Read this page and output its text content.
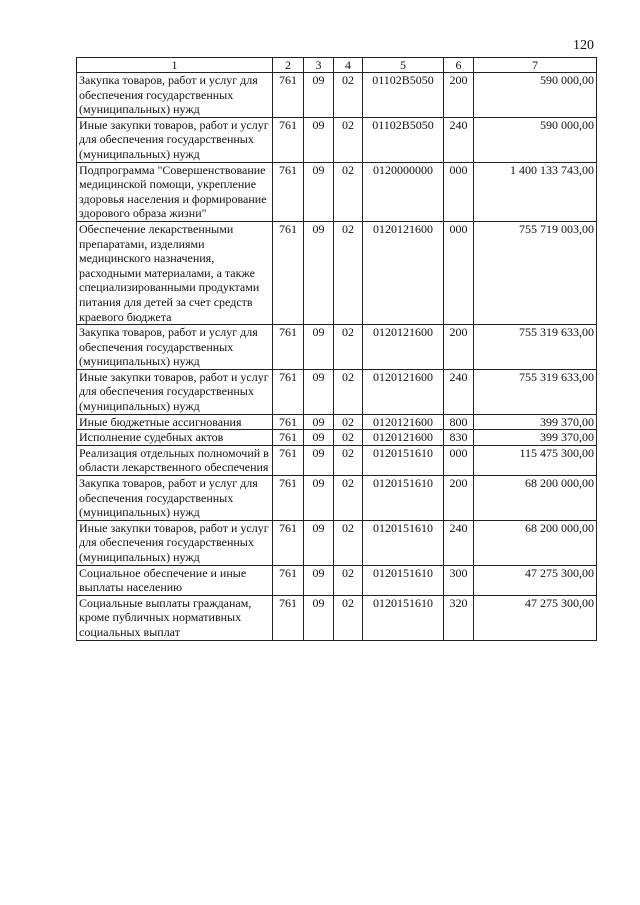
120
1	2	3	4	5	6	7
Закупка товаров, работ и услуг для обеспечения государственных (муниципальных) нужд	761	09	02	01102В5050	200	590 000,00
Иные закупки товаров, работ и услуг для обеспечения государственных (муниципальных) нужд	761	09	02	01102В5050	240	590 000,00
Подпрограмма "Совершенствование медицинской помощи, укрепление здоровья населения и формирование здорового образа жизни"	761	09	02	0120000000	000	1 400 133 743,00
Обеспечение лекарственными препаратами, изделиями медицинского назначения, расходными материалами, а также специализированными продуктами питания для детей за счет средств краевого бюджета	761	09	02	0120121600	000	755 719 003,00
Закупка товаров, работ и услуг для обеспечения государственных (муниципальных) нужд	761	09	02	0120121600	200	755 319 633,00
Иные закупки товаров, работ и услуг для обеспечения государственных (муниципальных) нужд	761	09	02	0120121600	240	755 319 633,00
Иные бюджетные ассигнования	761	09	02	0120121600	800	399 370,00
Исполнение судебных актов	761	09	02	0120121600	830	399 370,00
Реализация отдельных полномочий в области лекарственного обеспечения	761	09	02	0120151610	000	115 475 300,00
Закупка товаров, работ и услуг для обеспечения государственных (муниципальных) нужд	761	09	02	0120151610	200	68 200 000,00
Иные закупки товаров, работ и услуг для обеспечения государственных (муниципальных) нужд	761	09	02	0120151610	240	68 200 000,00
Социальное обеспечение и иные выплаты населению	761	09	02	0120151610	300	47 275 300,00
Социальные выплаты гражданам, кроме публичных нормативных социальных выплат	761	09	02	0120151610	320	47 275 300,00
